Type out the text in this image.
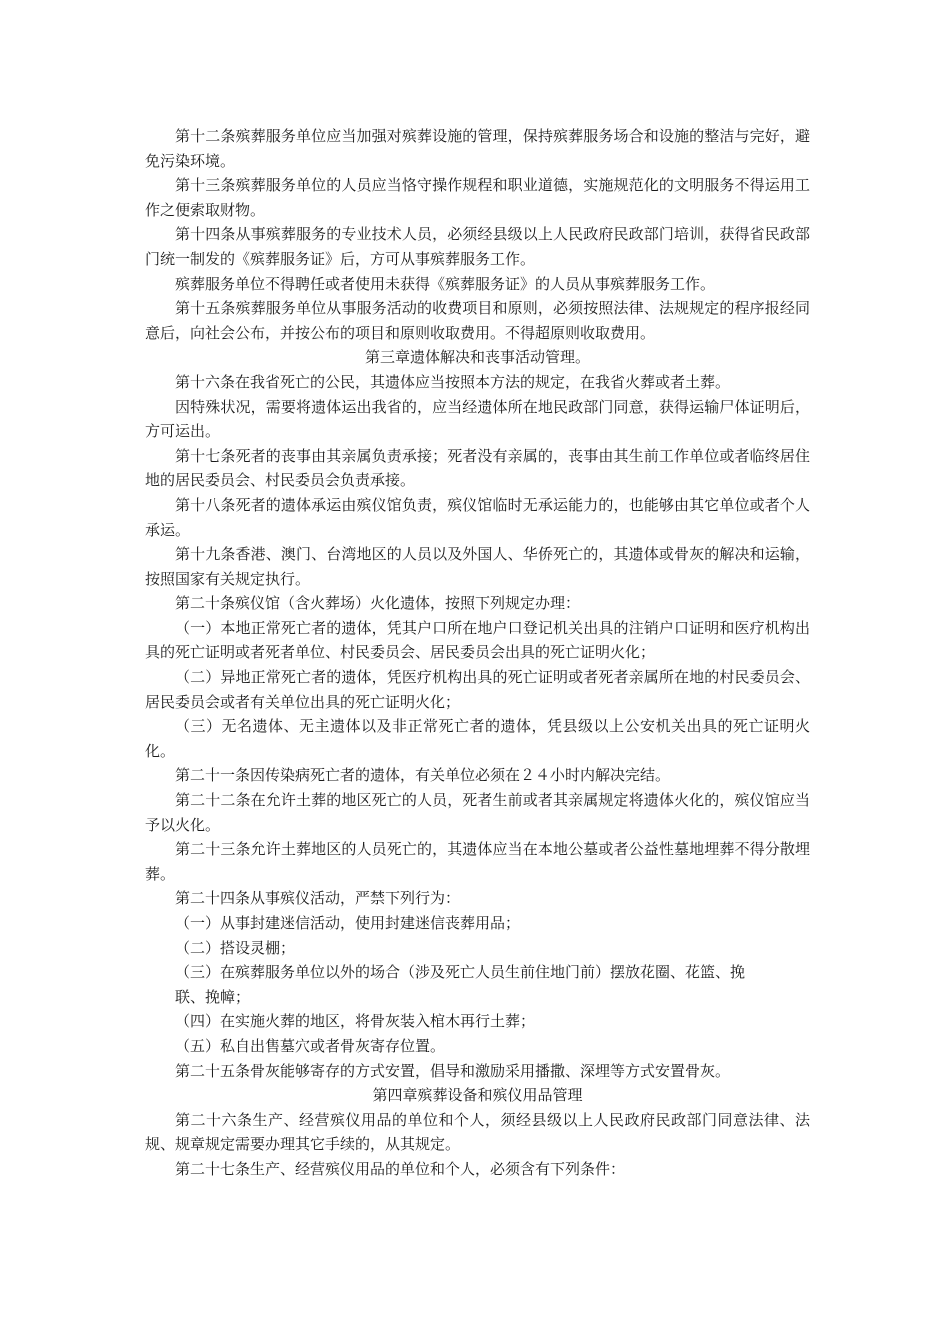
第十二条殡葬服务单位应当加强对殡葬设施的管理，保持殡葬服务场合和设施的整洁与完好，避免污染环境。

第十三条殡葬服务单位的人员应当恪守操作规程和职业道德，实施规范化的文明服务不得运用工作之便索取财物。

第十四条从事殡葬服务的专业技术人员，必须经县级以上人民政府民政部门培训，获得省民政部门统一制发的《殡葬服务证》后，方可从事殡葬服务工作。

殡葬服务单位不得聘任或者使用未获得《殡葬服务证》的人员从事殡葬服务工作。

第十五条殡葬服务单位从事服务活动的收费项目和原则，必须按照法律、法规规定的程序报经同意后，向社会公布，并按公布的项目和原则收取费用。不得超原则收取费用。

第三章遗体解决和丧事活动管理。

第十六条在我省死亡的公民，其遗体应当按照本方法的规定，在我省火葬或者土葬。

因特殊状况，需要将遗体运出我省的，应当经遗体所在地民政部门同意，获得运输尸体证明后，方可运出。

第十七条死者的丧事由其亲属负责承接；死者没有亲属的，丧事由其生前工作单位或者临终居住地的居民委员会、村民委员会负责承接。

第十八条死者的遗体承运由殡仪馆负责，殡仪馆临时无承运能力的，也能够由其它单位或者个人承运。

第十九条香港、澳门、台湾地区的人员以及外国人、华侨死亡的，其遗体或骨灰的解决和运输，按照国家有关规定执行。

第二十条殡仪馆（含火葬场）火化遗体，按照下列规定办理：

（一）本地正常死亡者的遗体，凭其户口所在地户口登记机关出具的注销户口证明和医疗机构出具的死亡证明或者死者单位、村民委员会、居民委员会出具的死亡证明火化；

（二）异地正常死亡者的遗体，凭医疗机构出具的死亡证明或者死者亲属所在地的村民委员会、居民委员会或者有关单位出具的死亡证明火化；

（三）无名遗体、无主遗体以及非正常死亡者的遗体，凭县级以上公安机关出具的死亡证明火化。

第二十一条因传染病死亡者的遗体，有关单位必须在２４小时内解决完结。

第二十二条在允许土葬的地区死亡的人员，死者生前或者其亲属规定将遗体火化的，殡仪馆应当予以火化。

第二十三条允许土葬地区的人员死亡的，其遗体应当在本地公墓或者公益性墓地埋葬不得分散埋葬。

第二十四条从事殡仪活动，严禁下列行为：

（一）从事封建迷信活动，使用封建迷信丧葬用品；

（二）搭设灵棚；

（三）在殡葬服务单位以外的场合（涉及死亡人员生前住地门前）摆放花圈、花篮、挽

联、挽幛；

（四）在实施火葬的地区，将骨灰装入棺木再行土葬；

（五）私自出售墓穴或者骨灰寄存位置。

第二十五条骨灰能够寄存的方式安置，倡导和激励采用播撒、深埋等方式安置骨灰。

第四章殡葬设备和殡仪用品管理

第二十六条生产、经营殡仪用品的单位和个人，须经县级以上人民政府民政部门同意法律、法规、规章规定需要办理其它手续的，从其规定。

第二十七条生产、经营殡仪用品的单位和个人，必须含有下列条件：
